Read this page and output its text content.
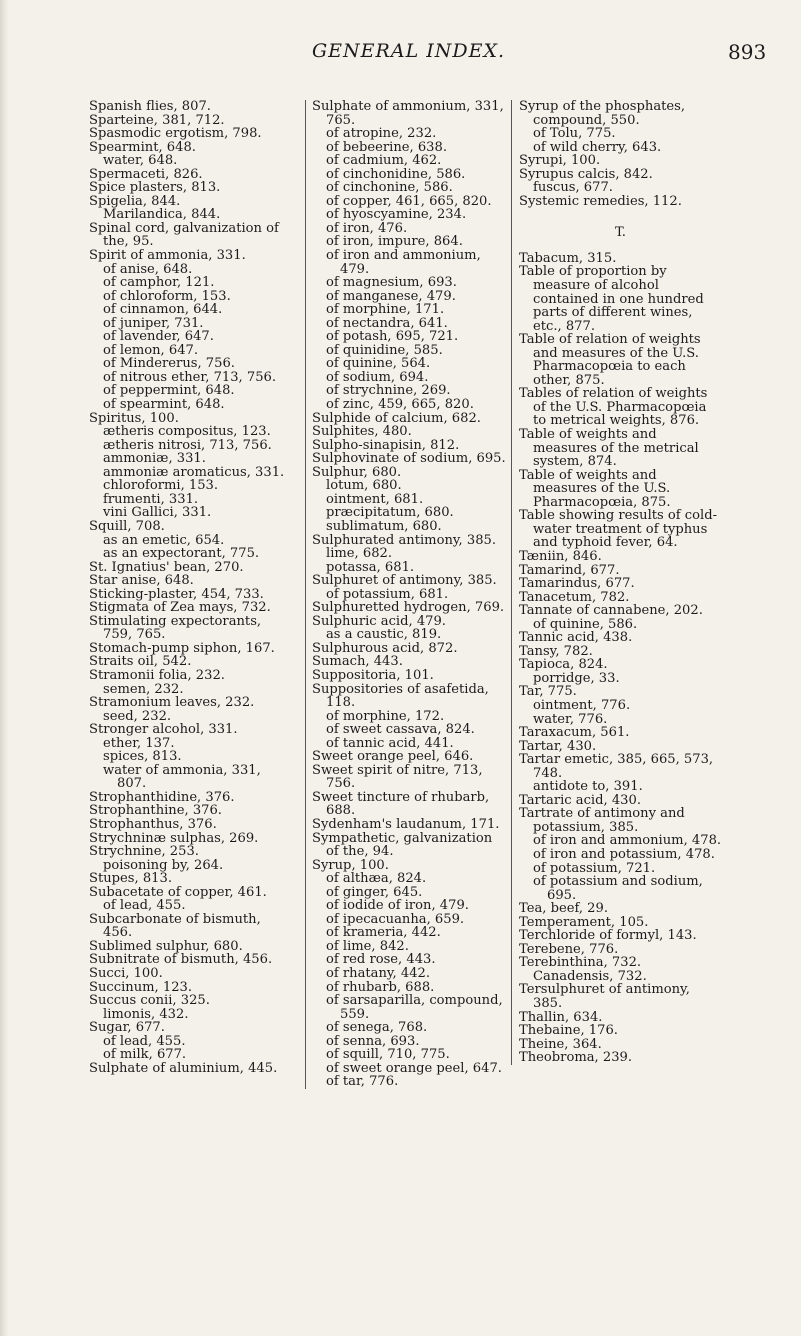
GENERAL INDEX.	893
Spanish flies, 807.
Sparteine, 381, 712.
Spasmodic ergotism, 798.
Spearmint, 648.
water, 648.
Spermaceti, 826.
Spice plasters, 813.
Spigelia, 844.
Marilandica, 844.
Spinal cord, galvanization of the, 95.
Spirit of ammonia, 331.
of anise, 648.
of camphor, 121.
of chloroform, 153.
of cinnamon, 644.
of juniper, 731.
of lavender, 647.
of lemon, 647.
of Mindererus, 756.
of nitrous ether, 713, 756.
of peppermint, 648.
of spearmint, 648.
Spiritus, 100.
ætheris compositus, 123.
ætheris nitrosi, 713, 756.
ammoniæ, 331.
ammoniæ aromaticus, 331.
chloroformi, 153.
frumenti, 331.
vini Gallici, 331.
Squill, 708.
as an emetic, 654.
as an expectorant, 775.
St. Ignatius' bean, 270.
Star anise, 648.
Sticking-plaster, 454, 733.
Stigmata of Zea mays, 732.
Stimulating expectorants, 759, 765.
Stomach-pump siphon, 167.
Straits oil, 542.
Stramonii folia, 232.
semen, 232.
Stramonium leaves, 232.
seed, 232.
Stronger alcohol, 331.
ether, 137.
spices, 813.
water of ammonia, 331, 807.
Strophanthidine, 376.
Strophanthine, 376.
Strophanthus, 376.
Strychninæ sulphas, 269.
Strychnine, 253.
poisoning by, 264.
Stupes, 813.
Subacetate of copper, 461.
of lead, 455.
Subcarbonate of bismuth, 456.
Sublimed sulphur, 680.
Subnitrate of bismuth, 456.
Succi, 100.
Succinum, 123.
Succus conii, 325.
limonis, 432.
Sugar, 677.
of lead, 455.
of milk, 677.
Sulphate of aluminium, 445.
Sulphate of ammonium, 331, 765.
of atropine, 232.
of bebeerine, 638.
of cadmium, 462.
of cinchonidine, 586.
of cinchonine, 586.
of copper, 461, 665, 820.
of hyoscyamine, 234.
of iron, 476.
of iron, impure, 864.
of iron and ammonium, 479.
of magnesium, 693.
of manganese, 479.
of morphine, 171.
of nectandra, 641.
of potash, 695, 721.
of quinidine, 585.
of quinine, 564.
of sodium, 694.
of strychnine, 269.
of zinc, 459, 665, 820.
Sulphide of calcium, 682.
Sulphites, 480.
Sulpho-sinapisin, 812.
Sulphovinate of sodium, 695.
Sulphur, 680.
lotum, 680.
ointment, 681.
præcipitatum, 680.
sublimatum, 680.
Sulphurated antimony, 385.
lime, 682.
potassa, 681.
Sulphuret of antimony, 385.
of potassium, 681.
Sulphuretted hydrogen, 769.
Sulphuric acid, 479.
as a caustic, 819.
Sulphurous acid, 872.
Sumach, 443.
Suppositoria, 101.
Suppositories of asafetida, 118.
of morphine, 172.
of sweet cassava, 824.
of tannic acid, 441.
Sweet orange peel, 646.
Sweet spirit of nitre, 713, 756.
Sweet tincture of rhubarb, 688.
Sydenham's laudanum, 171.
Sympathetic, galvanization of the, 94.
Syrup, 100.
of althæa, 824.
of ginger, 645.
of iodide of iron, 479.
of ipecacuanha, 659.
of krameria, 442.
of lime, 842.
of red rose, 443.
of rhatany, 442.
of rhubarb, 688.
of sarsaparilla, compound, 559.
of senega, 768.
of senna, 693.
of squill, 710, 775.
of sweet orange peel, 647.
of tar, 776.
Syrup of the phosphates, compound, 550.
of Tolu, 775.
of wild cherry, 643.
Syrupi, 100.
Syrupus calcis, 842.
fuscus, 677.
Systemic remedies, 112.
T.
Tabacum, 315.
Table of proportion by measure of alcohol contained in one hundred parts of different wines, etc., 877.
Table of relation of weights and measures of the U.S. Pharmacopœia to each other, 875.
Tables of relation of weights of the U.S. Pharmacopœia to metrical weights, 876.
Table of weights and measures of the metrical system, 874.
Table of weights and measures of the U.S. Pharmacopœia, 875.
Table showing results of cold-water treatment of typhus and typhoid fever, 64.
Tæniin, 846.
Tamarind, 677.
Tamarindus, 677.
Tanacetum, 782.
Tannate of cannabene, 202.
of quinine, 586.
Tannic acid, 438.
Tansy, 782.
Tapioca, 824.
porridge, 33.
Tar, 775.
ointment, 776.
water, 776.
Taraxacum, 561.
Tartar, 430.
Tartar emetic, 385, 665, 573, 748.
antidote to, 391.
Tartaric acid, 430.
Tartrate of antimony and potassium, 385.
of iron and ammonium, 478.
of iron and potassium, 478.
of potassium, 721.
of potassium and sodium, 695.
Tea, beef, 29.
Temperament, 105.
Terchloride of formyl, 143.
Terebene, 776.
Terebinthina, 732.
Canadensis, 732.
Tersulphuret of antimony, 385.
Thallin, 634.
Thebaine, 176.
Theine, 364.
Theobroma, 239.
